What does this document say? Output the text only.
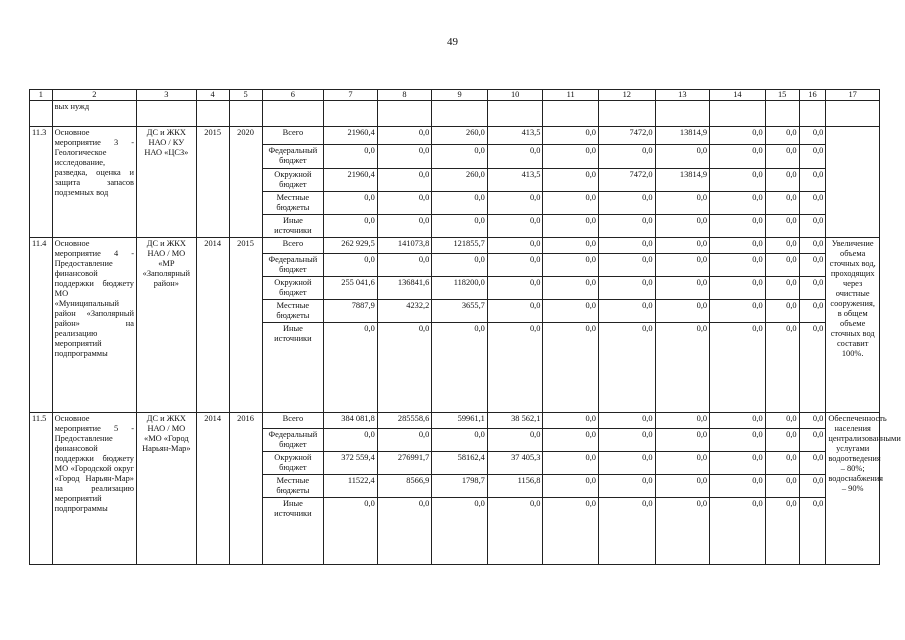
49
1	2	3	4	5	6	7	8	9	10	11	12	13	14	15	16	17
	вых нужд															
11.3	Основное мероприятие 3 - Геологическое исследование, разведка, оценка и защита запасов подземных вод	ДС и ЖКХ НАО / КУ НАО «ЦСЗ»	2015	2020	Всего	21960,4	0,0	260,0	413,5	0,0	7472,0	13814,9	0,0	0,0	0,0	
					Федеральный бюджет	0,0	0,0	0,0	0,0	0,0	0,0	0,0	0,0	0,0	0,0	
					Окружной бюджет	21960,4	0,0	260,0	413,5	0,0	7472,0	13814,9	0,0	0,0	0,0	
					Местные бюджеты	0,0	0,0	0,0	0,0	0,0	0,0	0,0	0,0	0,0	0,0	
					Иные источники	0,0	0,0	0,0	0,0	0,0	0,0	0,0	0,0	0,0	0,0	
11.4	Основное мероприятие 4 - Предоставление финансовой поддержки бюджету МО «Муниципальный район «Заполярный район» на реализацию мероприятий подпрограммы	ДС и ЖКХ НАО / МО «МР «Заполярный район»	2014	2015	Всего	262 929,5	141073,8	121855,7	0,0	0,0	0,0	0,0	0,0	0,0	0,0	Увеличение объема сточных вод, проходящих через очистные сооружения, в общем объеме сточных вод составит 100%.
					Федеральный бюджет	0,0	0,0	0,0	0,0	0,0	0,0	0,0	0,0	0,0	0,0	
					Окружной бюджет	255 041,6	136841,6	118200,0	0,0	0,0	0,0	0,0	0,0	0,0	0,0	
					Местные бюджеты	7887,9	4232,2	3655,7	0,0	0,0	0,0	0,0	0,0	0,0	0,0	
					Иные источники	0,0	0,0	0,0	0,0	0,0	0,0	0,0	0,0	0,0	0,0	
11.5	Основное мероприятие 5 - Предоставление финансовой поддержки бюджету МО «Городской округ «Город Нарьян-Мар» на реализацию мероприятий подпрограммы	ДС и ЖКХ НАО / МО «МО «Город Нарьян-Мар»	2014	2016	Всего	384 081,8	285558,6	59961,1	38 562,1	0,0	0,0	0,0	0,0	0,0	0,0	Обеспеченность населения централизованными услугами водоотведения – 80%; водоснабжения – 90%
					Федеральный бюджет	0,0	0,0	0,0	0,0	0,0	0,0	0,0	0,0	0,0	0,0	
					Окружной бюджет	372 559,4	276991,7	58162,4	37 405,3	0,0	0,0	0,0	0,0	0,0	0,0	
					Местные бюджеты	11522,4	8566,9	1798,7	1156,8	0,0	0,0	0,0	0,0	0,0	0,0	
					Иные источники	0,0	0,0	0,0	0,0	0,0	0,0	0,0	0,0	0,0	0,0	
